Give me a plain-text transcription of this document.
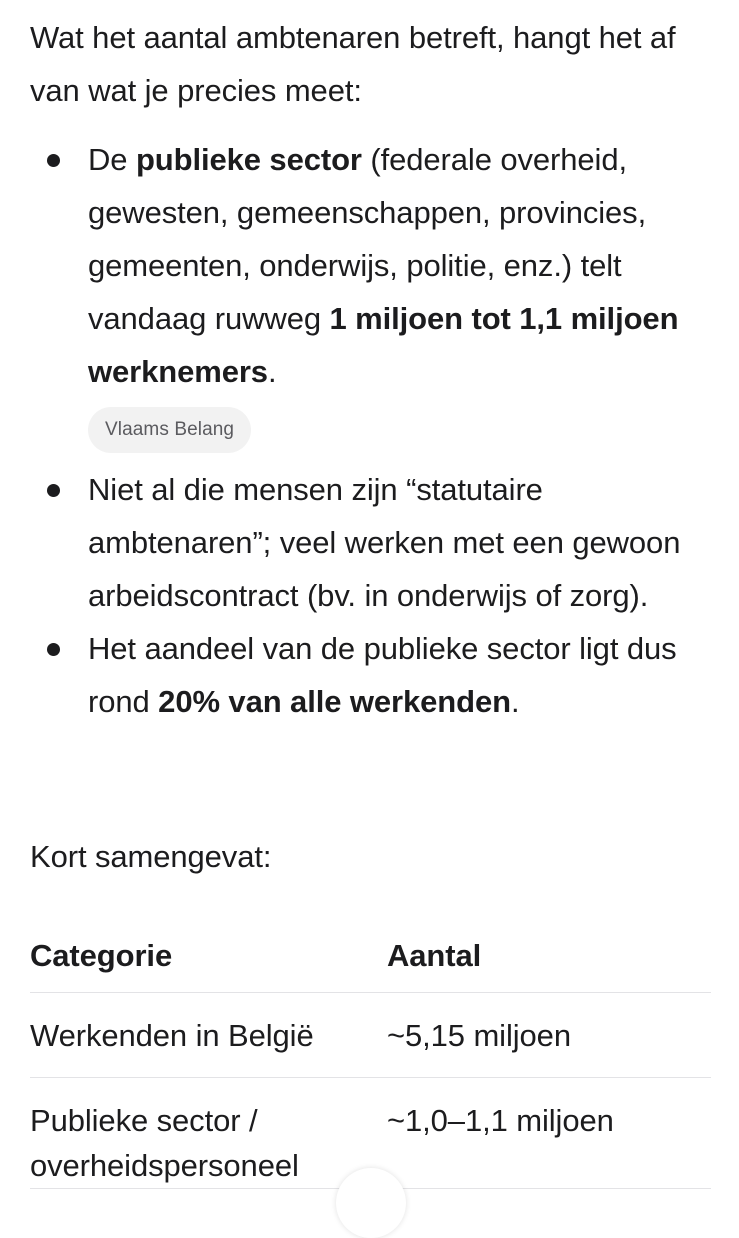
Wat het aantal ambtenaren betreft, hangt het af van wat je precies meet:

De publieke sector (federale overheid, gewesten, gemeenschappen, provincies, gemeenten, onderwijs, politie, enz.) telt vandaag ruwweg 1 miljoen tot 1,1 miljoen werknemers.
Vlaams Belang
Niet al die mensen zijn “statutaire ambtenaren”; veel werken met een gewoon arbeidscontract (bv. in onderwijs of zorg).
Het aandeel van de publieke sector ligt dus rond 20% van alle werkenden.

Kort samengevat:

Categorie	Aantal
Werkenden in België	~5,15 miljoen
Publieke sector / overheidspersoneel	~1,0–1,1 miljoen
